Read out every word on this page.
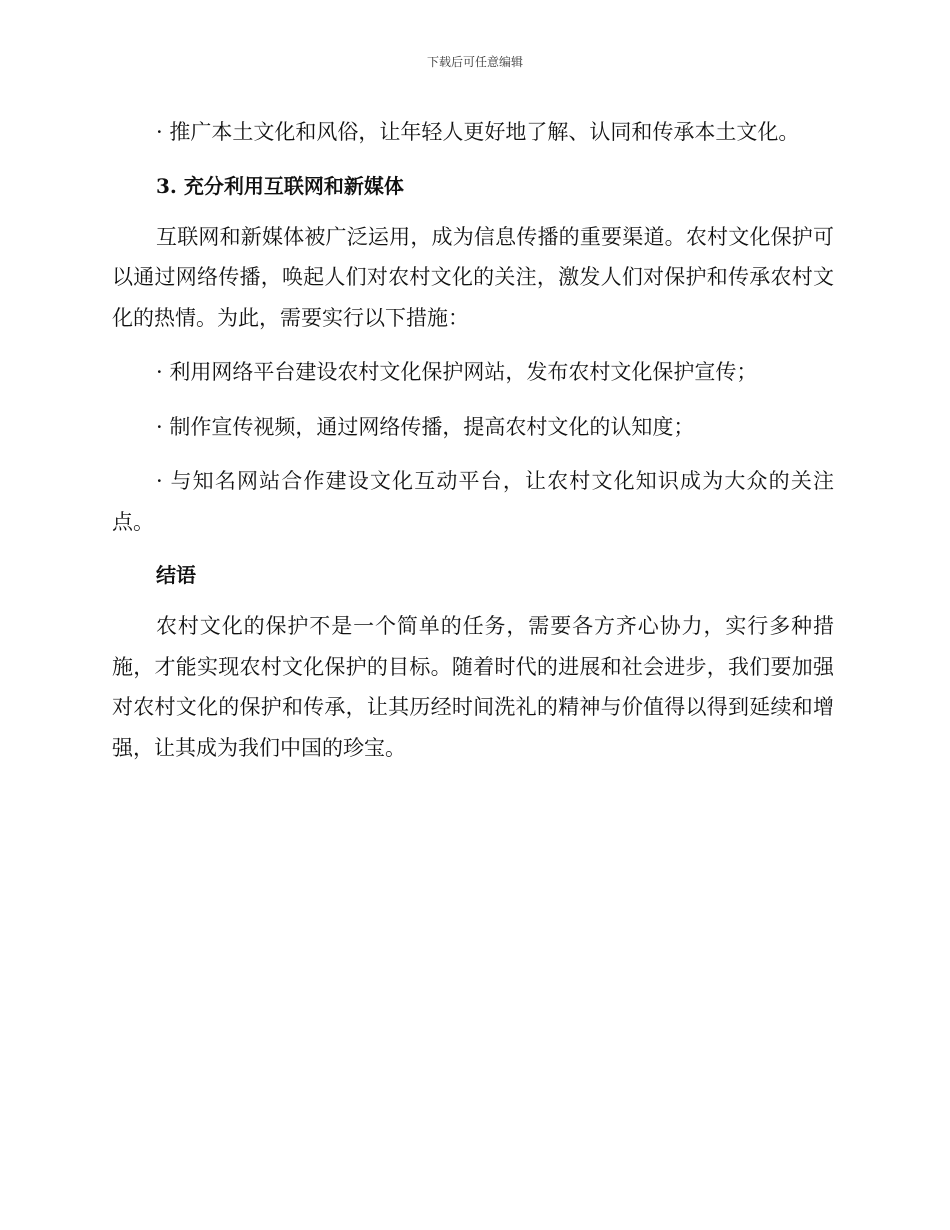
下载后可任意编辑

· 推广本土文化和风俗，让年轻人更好地了解、认同和传承本土文化。

3. 充分利用互联网和新媒体

互联网和新媒体被广泛运用，成为信息传播的重要渠道。农村文化保护可以通过网络传播，唤起人们对农村文化的关注，激发人们对保护和传承农村文化的热情。为此，需要实行以下措施：

· 利用网络平台建设农村文化保护网站，发布农村文化保护宣传；

· 制作宣传视频，通过网络传播，提高农村文化的认知度；

· 与知名网站合作建设文化互动平台，让农村文化知识成为大众的关注点。

结语

农村文化的保护不是一个简单的任务，需要各方齐心协力，实行多种措施，才能实现农村文化保护的目标。随着时代的进展和社会进步，我们要加强对农村文化的保护和传承，让其历经时间洗礼的精神与价值得以得到延续和增强，让其成为我们中国的珍宝。
